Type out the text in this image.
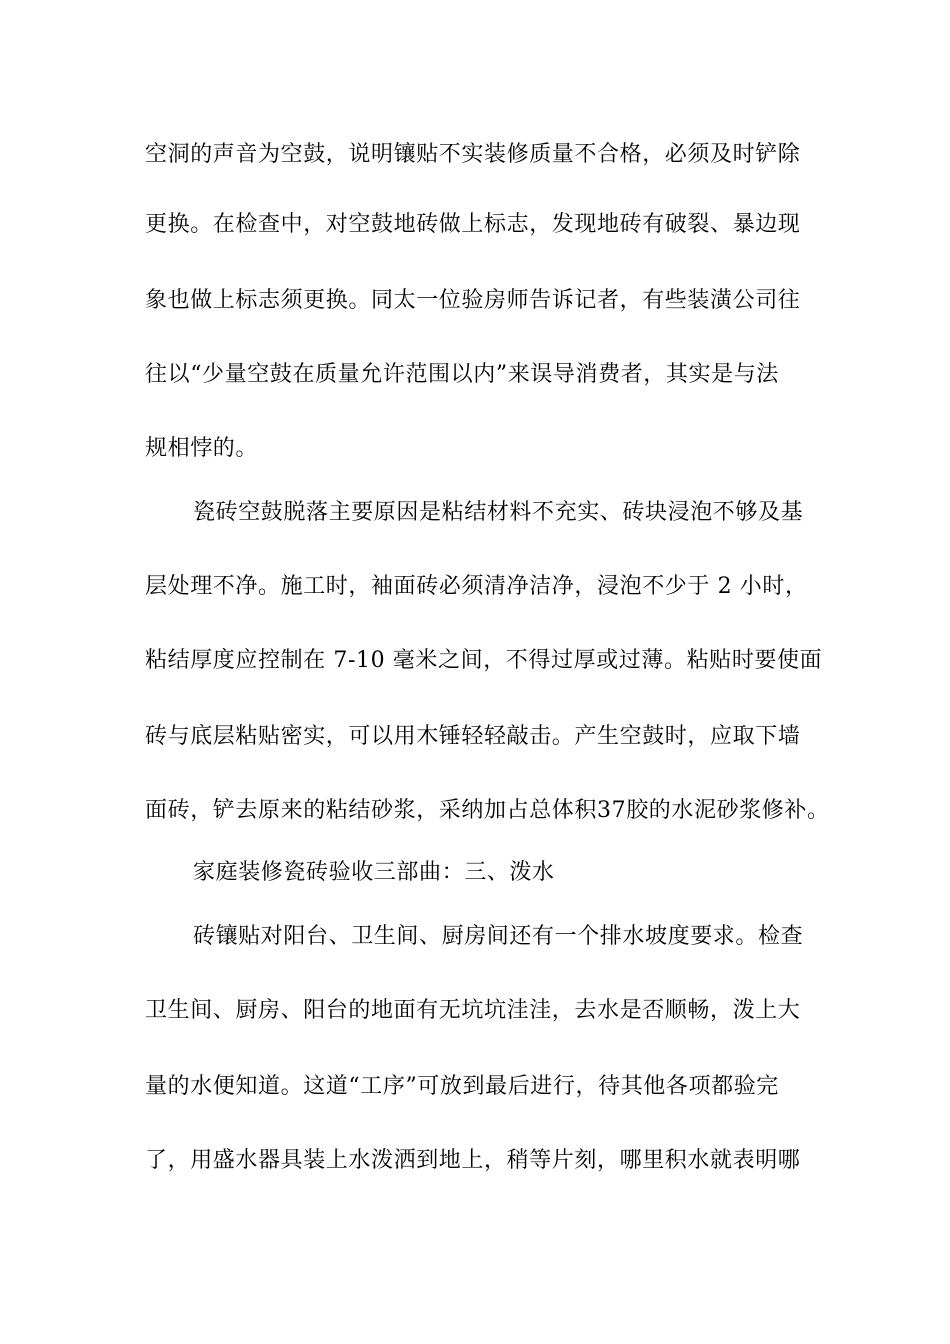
空洞的声音为空鼓，说明镶贴不实装修质量不合格，必须及时铲除
更换。在检查中，对空鼓地砖做上标志，发现地砖有破裂、暴边现
象也做上标志须更换。同太一位验房师告诉记者，有些装潢公司往
往以“少量空鼓在质量允许范围以内”来误导消费者，其实是与法
规相悖的。
瓷砖空鼓脱落主要原因是粘结材料不充实、砖块浸泡不够及基
层处理不净。施工时，袖面砖必须清净洁净，浸泡不少于 2 小时，
粘结厚度应控制在 7-10 毫米之间，不得过厚或过薄。粘贴时要使面
砖与底层粘贴密实，可以用木锤轻轻敲击。产生空鼓时，应取下墙
面砖，铲去原来的粘结砂浆，采纳加占总体积37胶的水泥砂浆修补。
家庭装修瓷砖验收三部曲：三、泼水
砖镶贴对阳台、卫生间、厨房间还有一个排水坡度要求。检查
卫生间、厨房、阳台的地面有无坑坑洼洼，去水是否顺畅，泼上大
量的水便知道。这道“工序”可放到最后进行，待其他各项都验完
了，用盛水器具装上水泼洒到地上，稍等片刻，哪里积水就表明哪
